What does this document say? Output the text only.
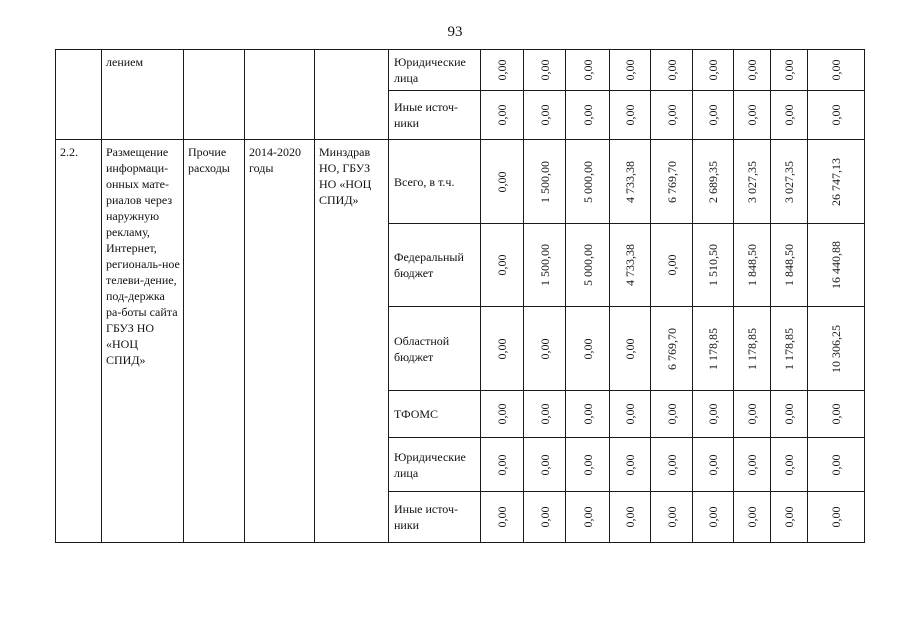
93

	лением				Юридические лица	0,00	0,00	0,00	0,00	0,00	0,00	0,00	0,00	0,00

					Иные источ-ники	0,00	0,00	0,00	0,00	0,00	0,00	0,00	0,00	0,00

2.2.	Размещение информаци-онных мате-риалов через наружную рекламу, Интернет, региональ-ное телеви-дение, под-держка ра-боты сайта ГБУЗ НО «НОЦ СПИД»	Прочие расходы	2014-2020 годы	Минздрав НО, ГБУЗ НО «НОЦ СПИД»	Всего, в т.ч.	0,00	1 500,00	5 000,00	4 733,38	6 769,70	2 689,35	3 027,35	3 027,35	26 747,13

					Федеральный бюджет	0,00	1 500,00	5 000,00	4 733,38	0,00	1 510,50	1 848,50	1 848,50	16 440,88

					Областной бюджет	0,00	0,00	0,00	0,00	6 769,70	1 178,85	1 178,85	1 178,85	10 306,25

					ТФОМС	0,00	0,00	0,00	0,00	0,00	0,00	0,00	0,00	0,00

					Юридические лица	0,00	0,00	0,00	0,00	0,00	0,00	0,00	0,00	0,00

					Иные источ-ники	0,00	0,00	0,00	0,00	0,00	0,00	0,00	0,00	0,00
